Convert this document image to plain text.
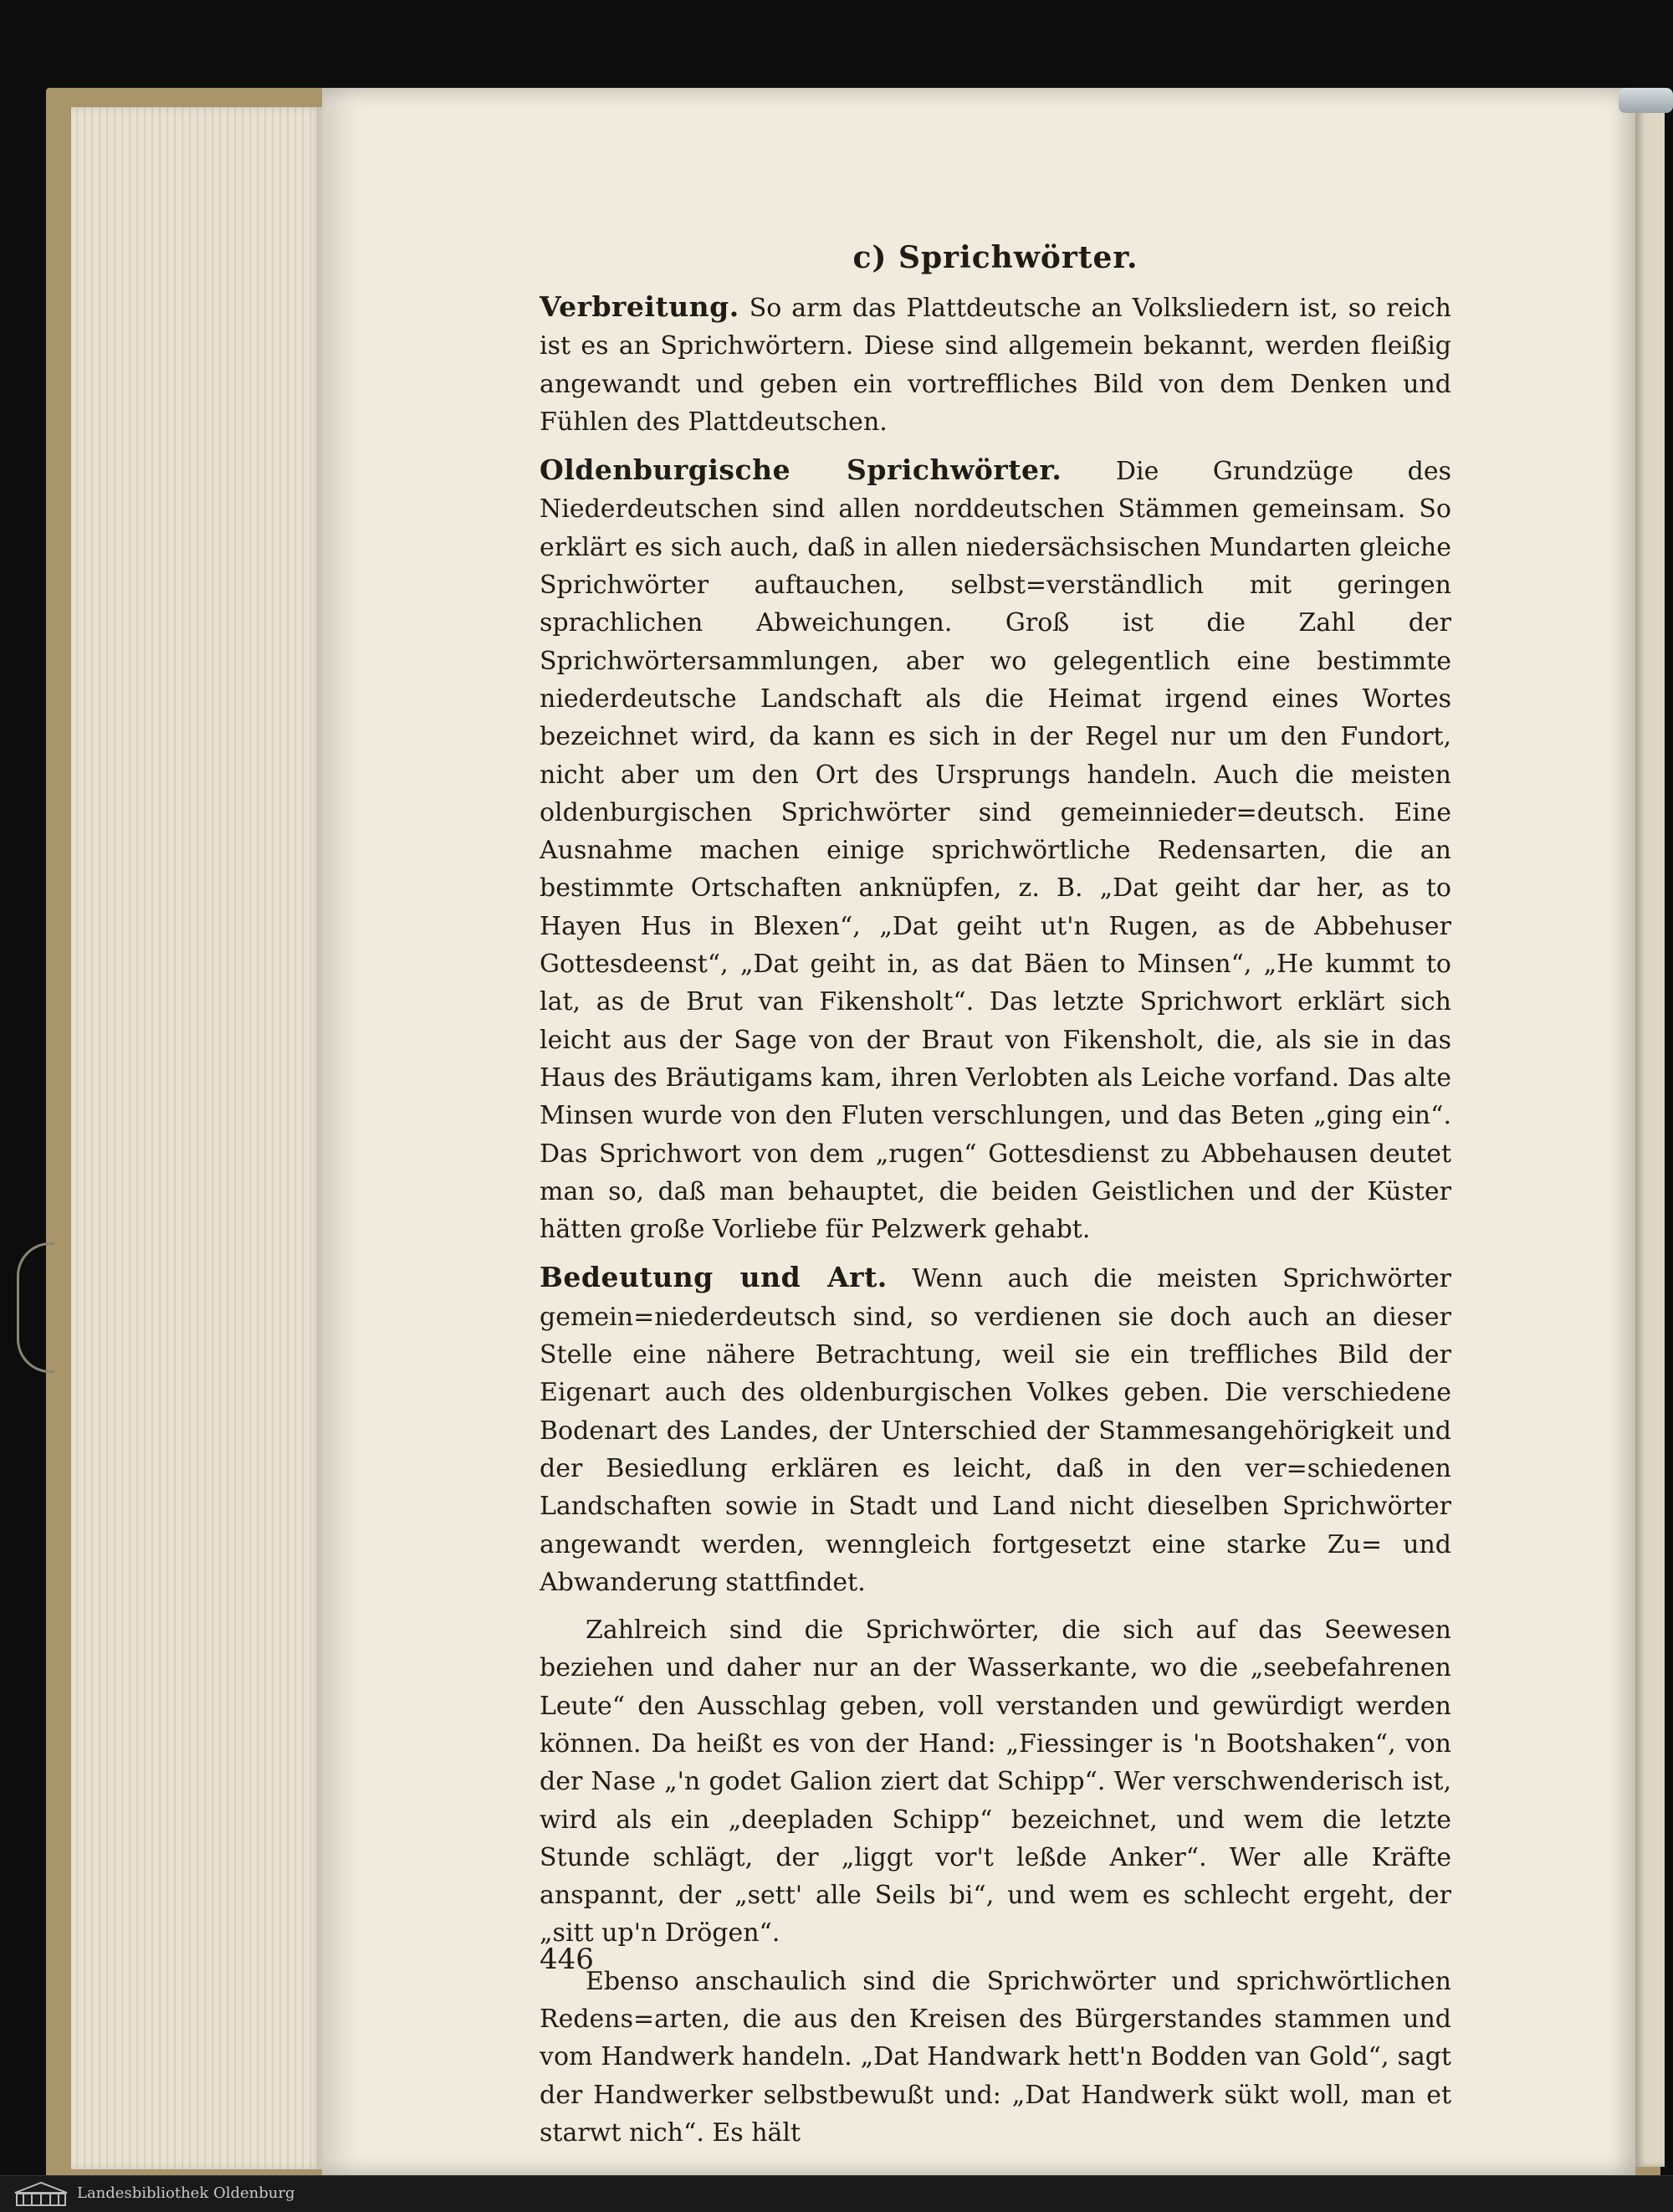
c) Sprichwörter.

Verbreitung. So arm das Plattdeutsche an Volksliedern ist, so reich ist es an Sprichwörtern. Diese sind allgemein bekannt, werden fleißig angewandt und geben ein vortreffliches Bild von dem Denken und Fühlen des Plattdeutschen.

Oldenburgische Sprichwörter. Die Grundzüge des Niederdeutschen sind allen norddeutschen Stämmen gemeinsam. So erklärt es sich auch, daß in allen niedersächsischen Mundarten gleiche Sprichwörter auftauchen, selbst=verständlich mit geringen sprachlichen Abweichungen. Groß ist die Zahl der Sprichwörtersammlungen, aber wo gelegentlich eine bestimmte niederdeutsche Landschaft als die Heimat irgend eines Wortes bezeichnet wird, da kann es sich in der Regel nur um den Fundort, nicht aber um den Ort des Ursprungs handeln. Auch die meisten oldenburgischen Sprichwörter sind gemeinnieder=deutsch. Eine Ausnahme machen einige sprichwörtliche Redensarten, die an bestimmte Ortschaften anknüpfen, z. B. „Dat geiht dar her, as to Hayen Hus in Blexen“, „Dat geiht ut'n Rugen, as de Abbehuser Gottesdeenst“, „Dat geiht in, as dat Bäen to Minsen“, „He kummt to lat, as de Brut van Fikensholt“. Das letzte Sprichwort erklärt sich leicht aus der Sage von der Braut von Fikensholt, die, als sie in das Haus des Bräutigams kam, ihren Verlobten als Leiche vorfand. Das alte Minsen wurde von den Fluten verschlungen, und das Beten „ging ein“. Das Sprichwort von dem „rugen“ Gottesdienst zu Abbehausen deutet man so, daß man behauptet, die beiden Geistlichen und der Küster hätten große Vorliebe für Pelzwerk gehabt.

Bedeutung und Art. Wenn auch die meisten Sprichwörter gemein=niederdeutsch sind, so verdienen sie doch auch an dieser Stelle eine nähere Betrachtung, weil sie ein treffliches Bild der Eigenart auch des oldenburgischen Volkes geben. Die verschiedene Bodenart des Landes, der Unterschied der Stammesangehörigkeit und der Besiedlung erklären es leicht, daß in den ver=schiedenen Landschaften sowie in Stadt und Land nicht dieselben Sprichwörter angewandt werden, wenngleich fortgesetzt eine starke Zu= und Abwanderung stattfindet.

Zahlreich sind die Sprichwörter, die sich auf das Seewesen beziehen und daher nur an der Wasserkante, wo die „seebefahrenen Leute“ den Ausschlag geben, voll verstanden und gewürdigt werden können. Da heißt es von der Hand: „Fiessinger is 'n Bootshaken“, von der Nase „'n godet Galion ziert dat Schipp“. Wer verschwenderisch ist, wird als ein „deepladen Schipp“ bezeichnet, und wem die letzte Stunde schlägt, der „liggt vor't leßde Anker“. Wer alle Kräfte anspannt, der „sett' alle Seils bi“, und wem es schlecht ergeht, der „sitt up'n Drögen“.

Ebenso anschaulich sind die Sprichwörter und sprichwörtlichen Redens=arten, die aus den Kreisen des Bürgerstandes stammen und vom Handwerk handeln. „Dat Handwark hett'n Bodden van Gold“, sagt der Handwerker selbstbewußt und: „Dat Handwerk sükt woll, man et starwt nich“. Es hält

446
Landesbibliothek Oldenburg
